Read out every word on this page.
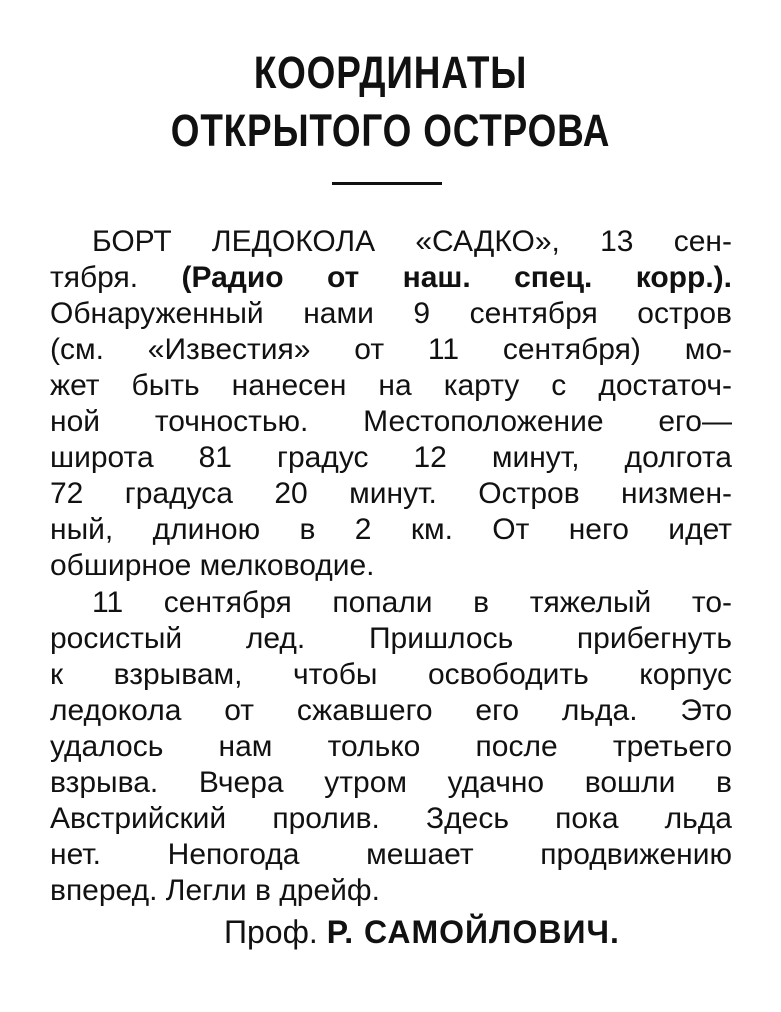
КООРДИНАТЫ
ОТКРЫТОГО ОСТРОВА
БОРТ ЛЕДОКОЛА «САДКО», 13 сен-
тября. (Радио от наш. спец. корр.).
Обнаруженный нами 9 сентября остров
(см. «Известия» от 11 сентября) мо-
жет быть нанесен на карту с достаточ-
ной точностью. Местоположение его—
широта 81 градус 12 минут, долгота
72 градуса 20 минут. Остров низмен-
ный, длиною в 2 км. От него идет
обширное мелководие.
11 сентября попали в тяжелый то-
росистый лед. Пришлось прибегнуть
к взрывам, чтобы освободить корпус
ледокола от сжавшего его льда. Это
удалось нам только после третьего
взрыва. Вчера утром удачно вошли в
Австрийский пролив. Здесь пока льда
нет. Непогода мешает продвижению
вперед. Легли в дрейф.
Проф. Р. САМОЙЛОВИЧ.
